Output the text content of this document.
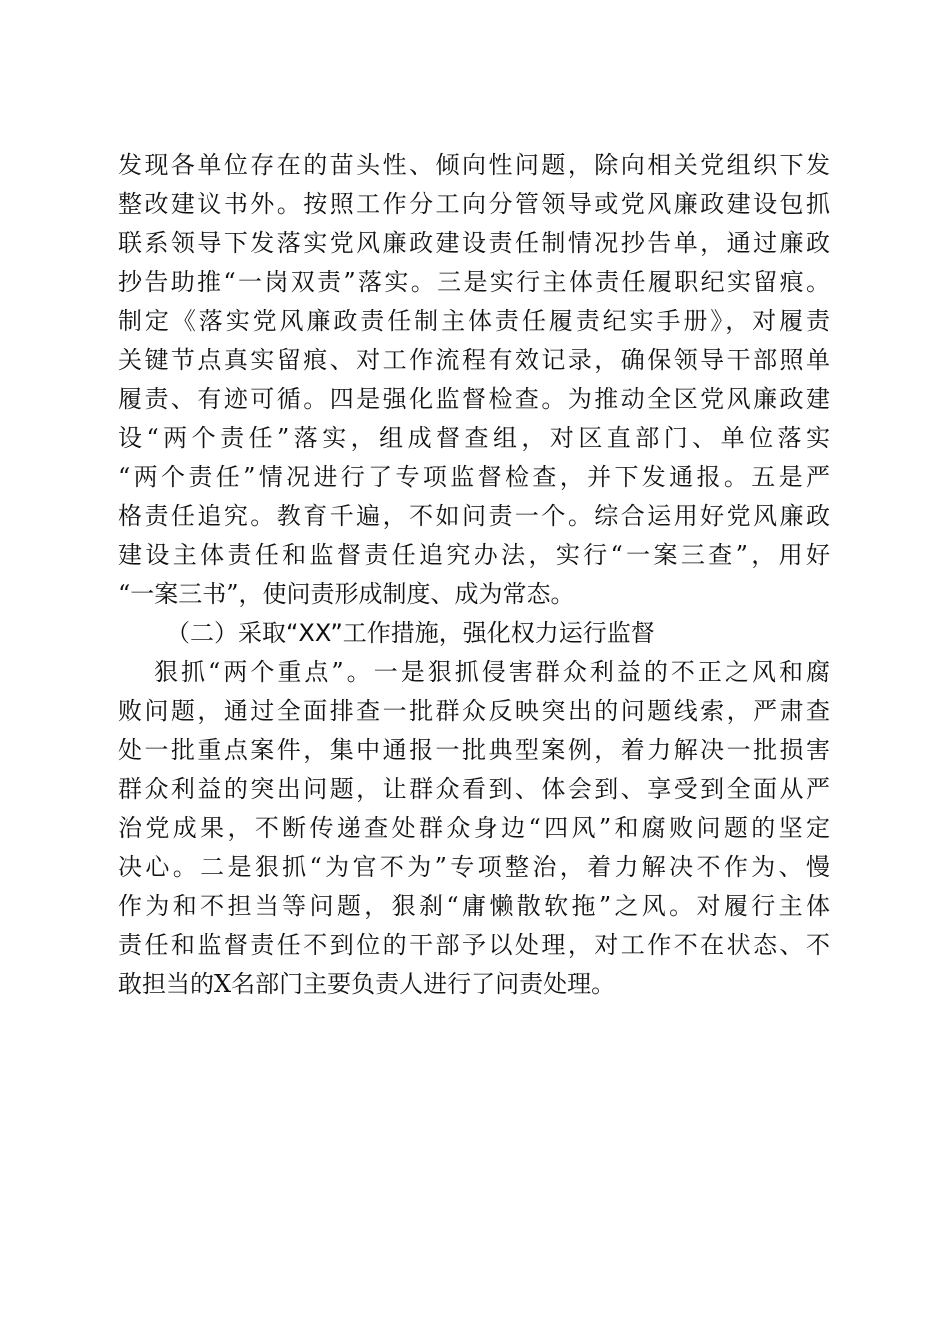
发现各单位存在的苗头性、倾向性问题，除向相关党组织下发
整改建议书外。按照工作分工向分管领导或党风廉政建设包抓
联系领导下发落实党风廉政建设责任制情况抄告单，通过廉政
抄告助推“一岗双责”落实。三是实行主体责任履职纪实留痕。
制定《落实党风廉政责任制主体责任履责纪实手册》，对履责
关键节点真实留痕、对工作流程有效记录，确保领导干部照单
履责、有迹可循。四是强化监督检查。为推动全区党风廉政建
设“两个责任”落实，组成督查组，对区直部门、单位落实
“两个责任”情况进行了专项监督检查，并下发通报。五是严
格责任追究。教育千遍，不如问责一个。综合运用好党风廉政
建设主体责任和监督责任追究办法，实行“一案三查”，用好
“一案三书”，使问责形成制度、成为常态。
（二）采取“XX”工作措施，强化权力运行监督
狠抓“两个重点”。一是狠抓侵害群众利益的不正之风和腐
败问题，通过全面排查一批群众反映突出的问题线索，严肃查
处一批重点案件，集中通报一批典型案例，着力解决一批损害
群众利益的突出问题，让群众看到、体会到、享受到全面从严
治党成果，不断传递查处群众身边“四风”和腐败问题的坚定
决心。二是狠抓“为官不为”专项整治，着力解决不作为、慢
作为和不担当等问题，狠刹“庸懒散软拖”之风。对履行主体
责任和监督责任不到位的干部予以处理，对工作不在状态、不
敢担当的X名部门主要负责人进行了问责处理。
